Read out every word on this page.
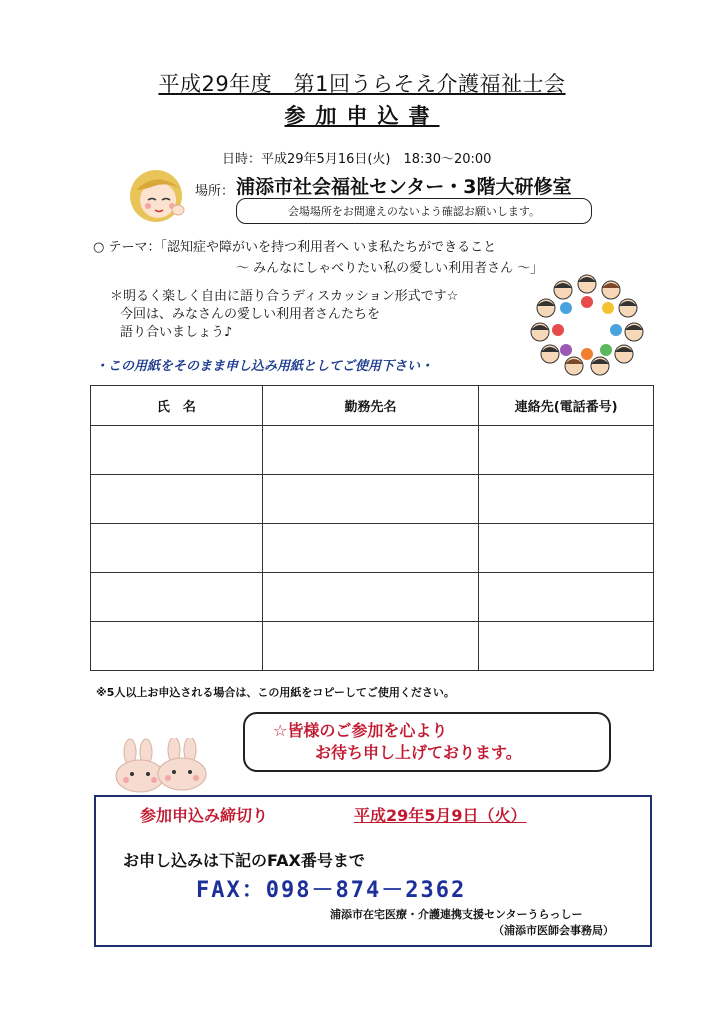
平成29年度　第1回うらそえ介護福祉士会
参加申込書
日時：平成29年5月16日(火)　18:30～20:00
場所： 浦添市社会福祉センター・3階大研修室
会場場所をお間違えのないよう確認お願いします。
○ テーマ：「認知症や障がいを持つ利用者へ いま私たちができること
～ みんなにしゃべりたい私の愛しい利用者さん ～」
＊明るく楽しく自由に語り合うディスカッション形式です☆
今回は、みなさんの愛しい利用者さんたちを
語り合いましょう♪
・この用紙をそのまま申し込み用紙としてご使用下さい・
氏　名	勤務先名	連絡先(電話番号)

※5人以上お申込される場合は、この用紙をコピーしてご使用ください。
☆皆様のご参加を心より
お待ち申し上げております。
参加申込み締切り	平成29年5月9日（火）
お申し込みは下記のFAX番号まで
FAX：098－874－2362
浦添市在宅医療・介護連携支援センターうらっしー
（浦添市医師会事務局）
